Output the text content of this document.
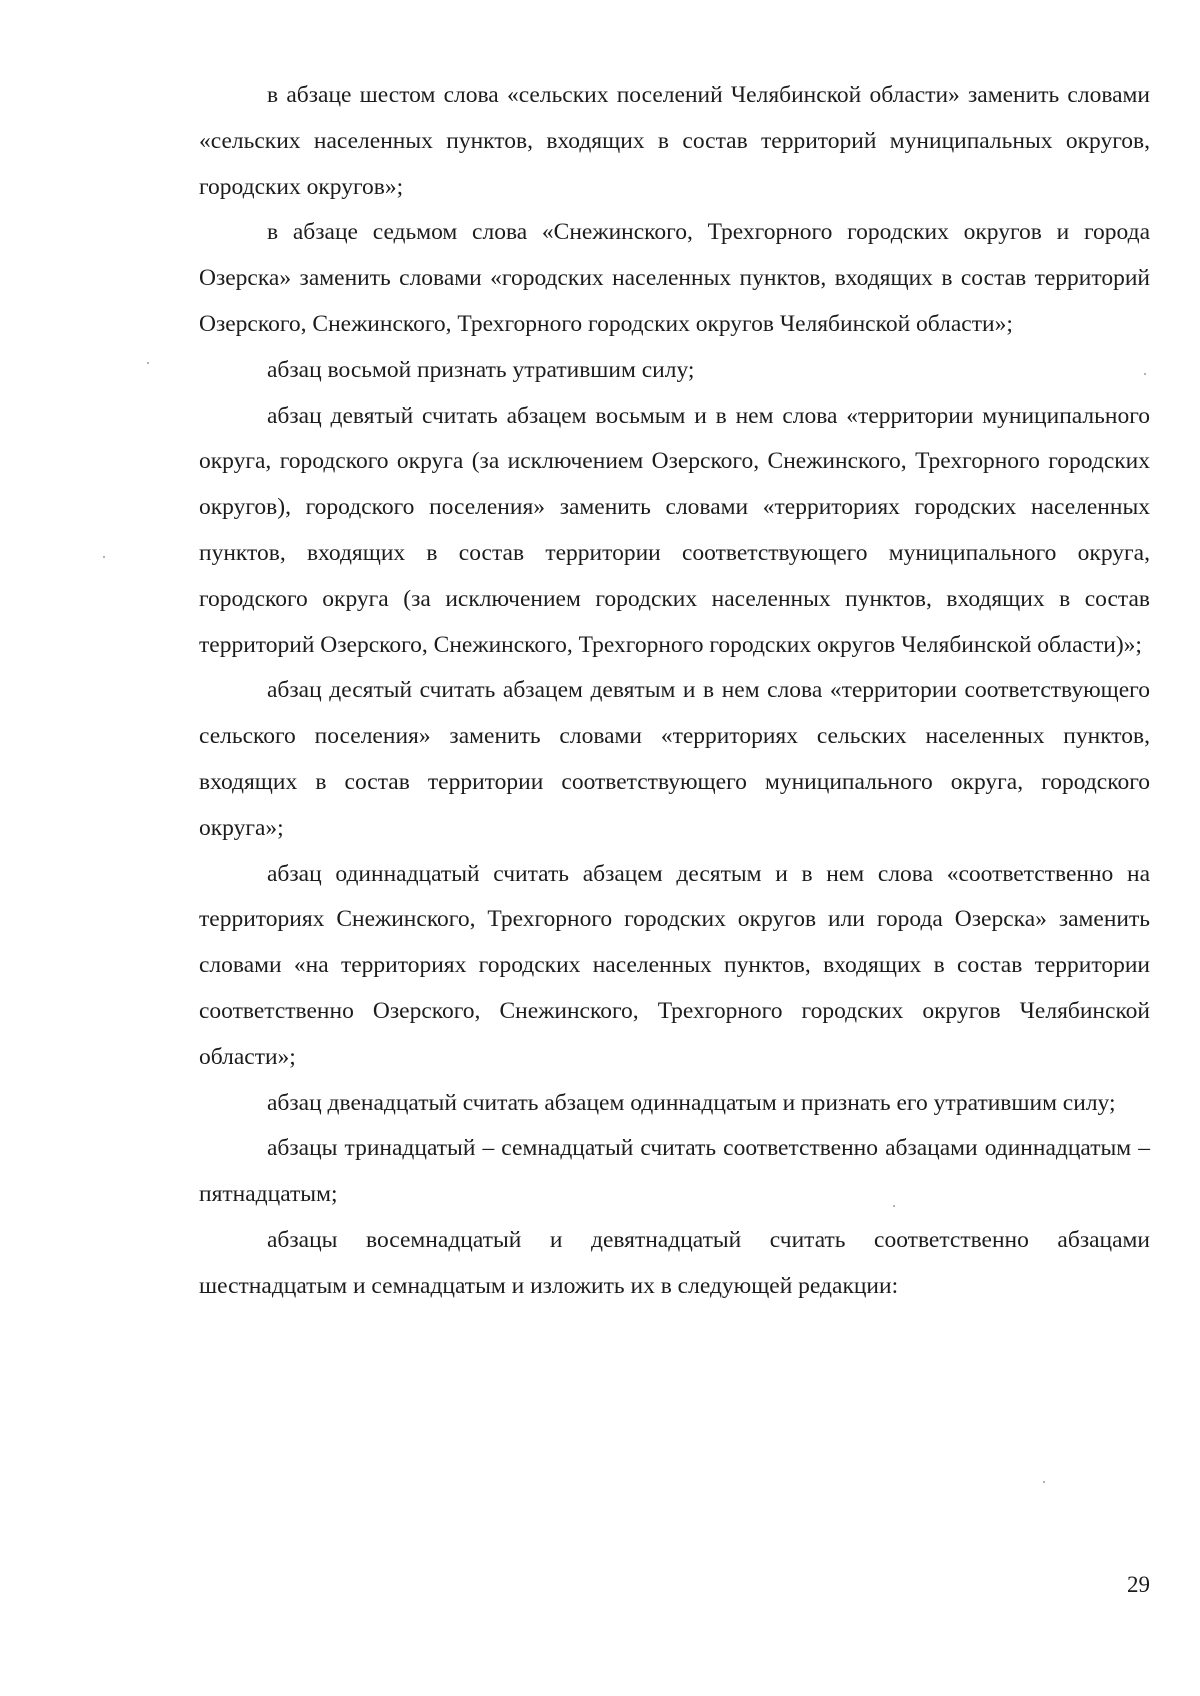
в абзаце шестом слова «сельских поселений Челябинской области» заменить словами «сельских населенных пунктов, входящих в состав территорий муниципальных округов, городских округов»;

в абзаце седьмом слова «Снежинского, Трехгорного городских округов и города Озерска» заменить словами «городских населенных пунктов, входящих в состав территорий Озерского, Снежинского, Трехгорного городских округов Челябинской области»;

абзац восьмой признать утратившим силу;

абзац девятый считать абзацем восьмым и в нем слова «территории муниципального округа, городского округа (за исключением Озерского, Снежинского, Трехгорного городских округов), городского поселения» заменить словами «территориях городских населенных пунктов, входящих в состав территории соответствующего муниципального округа, городского округа (за исключением городских населенных пунктов, входящих в состав территорий Озерского, Снежинского, Трехгорного городских округов Челябинской области)»;

абзац десятый считать абзацем девятым и в нем слова «территории соответствующего сельского поселения» заменить словами «территориях сельских населенных пунктов, входящих в состав территории соответствующего муниципального округа, городского округа»;

абзац одиннадцатый считать абзацем десятым и в нем слова «соответственно на территориях Снежинского, Трехгорного городских округов или города Озерска» заменить словами «на территориях городских населенных пунктов, входящих в состав территории соответственно Озерского, Снежинского, Трехгорного городских округов Челябинской области»;

абзац двенадцатый считать абзацем одиннадцатым и признать его утратившим силу;

абзацы тринадцатый – семнадцатый считать соответственно абзацами одиннадцатым – пятнадцатым;

абзацы восемнадцатый и девятнадцатый считать соответственно абзацами шестнадцатым и семнадцатым и изложить их в следующей редакции:

29
